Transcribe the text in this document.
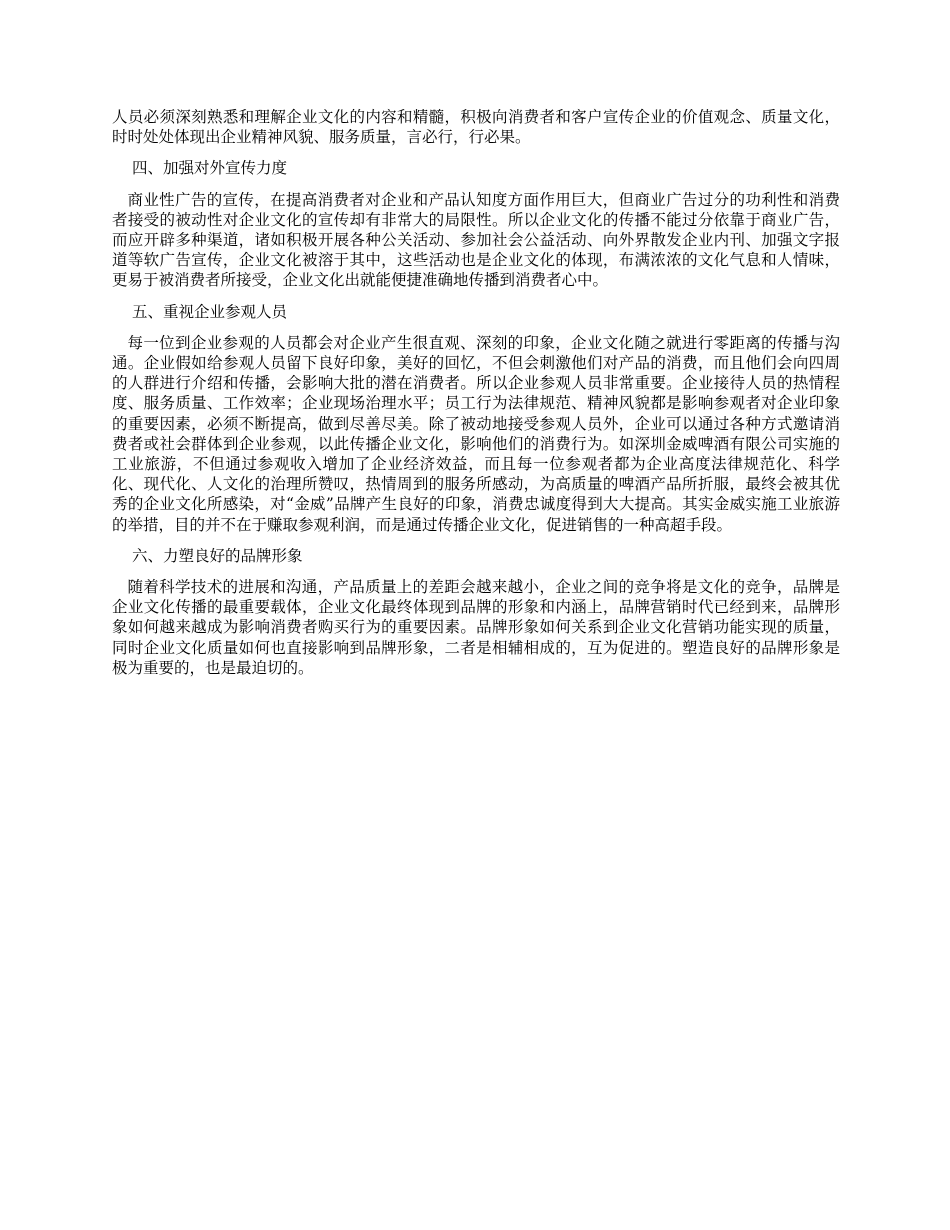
人员必须深刻熟悉和理解企业文化的内容和精髓，积极向消费者和客户宣传企业的价值观念、质量文化，时时处处体现出企业精神风貌、服务质量，言必行，行必果。

四、加强对外宣传力度

商业性广告的宣传，在提高消费者对企业和产品认知度方面作用巨大，但商业广告过分的功利性和消费者接受的被动性对企业文化的宣传却有非常大的局限性。所以企业文化的传播不能过分依靠于商业广告，而应开辟多种渠道，诸如积极开展各种公关活动、参加社会公益活动、向外界散发企业内刊、加强文字报道等软广告宣传，企业文化被溶于其中，这些活动也是企业文化的体现，布满浓浓的文化气息和人情味，更易于被消费者所接受，企业文化出就能便捷准确地传播到消费者心中。

五、重视企业参观人员

每一位到企业参观的人员都会对企业产生很直观、深刻的印象，企业文化随之就进行零距离的传播与沟通。企业假如给参观人员留下良好印象，美好的回忆，不但会刺激他们对产品的消费，而且他们会向四周的人群进行介绍和传播，会影响大批的潜在消费者。所以企业参观人员非常重要。企业接待人员的热情程度、服务质量、工作效率；企业现场治理水平；员工行为法律规范、精神风貌都是影响参观者对企业印象的重要因素，必须不断提高，做到尽善尽美。除了被动地接受参观人员外，企业可以通过各种方式邀请消费者或社会群体到企业参观，以此传播企业文化，影响他们的消费行为。如深圳金威啤酒有限公司实施的工业旅游，不但通过参观收入增加了企业经济效益，而且每一位参观者都为企业高度法律规范化、科学化、现代化、人文化的治理所赞叹，热情周到的服务所感动，为高质量的啤酒产品所折服，最终会被其优秀的企业文化所感染，对“金威”品牌产生良好的印象，消费忠诚度得到大大提高。其实金威实施工业旅游的举措，目的并不在于赚取参观利润，而是通过传播企业文化，促进销售的一种高超手段。

六、力塑良好的品牌形象

随着科学技术的进展和沟通，产品质量上的差距会越来越小，企业之间的竞争将是文化的竞争，品牌是企业文化传播的最重要载体，企业文化最终体现到品牌的形象和内涵上，品牌营销时代已经到来，品牌形象如何越来越成为影响消费者购买行为的重要因素。品牌形象如何关系到企业文化营销功能实现的质量，同时企业文化质量如何也直接影响到品牌形象，二者是相辅相成的，互为促进的。塑造良好的品牌形象是极为重要的，也是最迫切的。
